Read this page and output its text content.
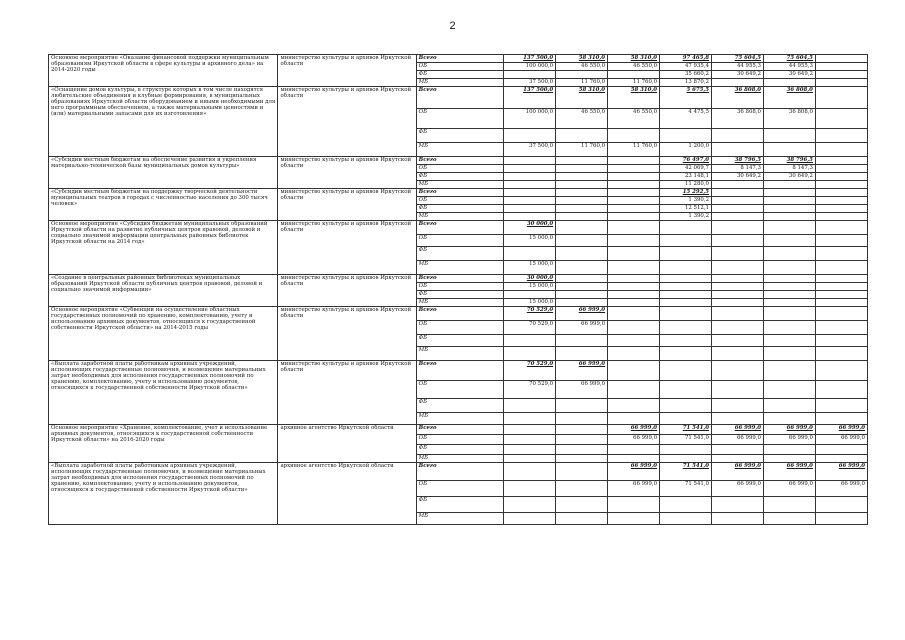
2
Основное мероприятие «Оказание финансовой поддержки муниципальным образованиям Иркутской области в сфере культуры и архивного дела» на 2014-2020 годы	министерство культуры и архивов Иркутской области	Всего	137 500,0	58 310,0	58 310,0	97 465,8	75 604,5	75 604,5	
		ОБ	100 000,0	46 550,0	46 550,0	47 935,4	44 955,3	44 955,3	
		ФБ				35 660,2	30 649,2	30 649,2	
		МБ	37 500,0	11 760,0	11 760,0	13 870,2			
«Оснащение домов культуры, в структуре которых в том числе находятся любительские объединения и клубные формирования, в муниципальных образованиях Иркутской области оборудованием и иными необходимыми для него программным обеспечением, а также материальными ценностями и (или) материальными запасами для их изготовления»	министерство культуры и архивов Иркутской области	Всего	137 500,0	58 310,0	58 310,0	5 675,5	36 808,0	36 808,0	
		ОБ	100 000,0	46 550,0	46 550,0	4 475,5	36 808,0	36 808,0	
		ФБ							
		МБ	37 500,0	11 760,0	11 760,0	1 200,0			
«Субсидии местным бюджетам на обеспечение развития и укрепления материально-технической базы муниципальных домов культуры»	министерство культуры и архивов Иркутской области	Всего				76 497,0	38 796,5	38 796,5	
		ОБ				42 069,7	8 147,3	8 147,3	
		ФБ				23 148,1	30 649,2	30 649,2	
		МБ				11 280,0			
«Субсидии местным бюджетам на поддержку творческой деятельности муниципальных театров в городах с численностью населения до 300 тысяч человек»	министерство культуры и архивов Иркутской области	Всего				15 292,5			
		ОБ				1 390,2			
		ФБ				12 512,1			
		МБ				1 390,2			
Основное мероприятие «Субсидия бюджетам муниципальных образований Иркутской области на развитие публичных центров правовой, деловой и социально значимой информации центральных районных библиотек Иркутской области на 2014 год»	министерство культуры и архивов Иркутской области	Всего	30 000,0						
		ОБ	15 000,0						
		ФБ							
		МБ	15 000,0						
«Создание в центральных районных библиотеках муниципальных образований Иркутской области публичных центров правовой, деловой и социально значимой информации»	министерство культуры и архивов Иркутской области	Всего	30 000,0						
		ОБ	15 000,0						
		ФБ							
		МБ	15 000,0						
Основное мероприятие «Субвенции на осуществление областных государственных полномочий по хранению, комплектованию, учету и использованию архивных документов, относящихся к государственной собственности Иркутской области» на 2014-2015 годы	министерство культуры и архивов Иркутской области	Всего	70 529,0	66 999,0					
		ОБ	70 529,0	66 999,0					
		ФБ							
		МБ							
«Выплата заработной платы работникам архивных учреждений, исполняющих государственные полномочия, и возмещение материальных затрат необходимых для исполнения государственных полномочий по хранению, комплектованию, учету и использованию документов, относящихся к государственной собственности Иркутской области»	министерство культуры и архивов Иркутской области	Всего	70 529,0	66 999,0					
		ОБ	70 529,0	66 999,0					
		ФБ							
		МБ							
Основное мероприятие «Хранение, комплектование, учет и использование архивных документов, относящихся к государственной собственности Иркутской области» на 2016-2020 годы	архивное агентство Иркутской области	Всего			66 999,0	71 541,0	66 999,0	66 999,0	66 999,0
		ОБ			66 999,0	71 541,0	66 999,0	66 999,0	66 999,0
		ФБ							
		МБ							
«Выплата заработной платы работникам архивных учреждений, исполняющих государственные полномочия, и возмещение материальных затрат необходимых для исполнения государственных полномочий по хранению, комплектованию, учету и использованию документов, относящихся к государственной собственности Иркутской области»	архивное агентство Иркутской области	Всего			66 999,0	71 541,0	66 999,0	66 999,0	66 999,0
		ОБ			66 999,0	71 541,0	66 999,0	66 999,0	66 999,0
		ФБ							
		МБ							
